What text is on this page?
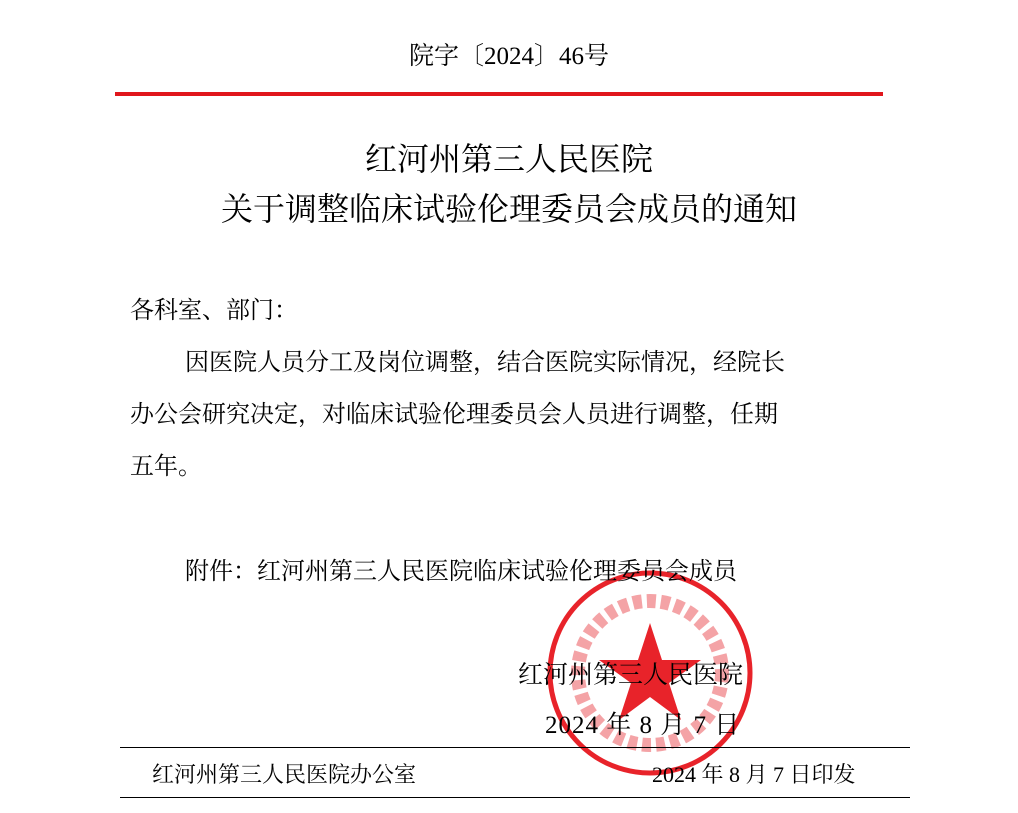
院字〔2024〕46号
红河州第三人民医院
关于调整临床试验伦理委员会成员的通知
各科室、部门：
因医院人员分工及岗位调整，结合医院实际情况，经院长
办公会研究决定，对临床试验伦理委员会人员进行调整，任期
五年。
附件：红河州第三人民医院临床试验伦理委员会成员
红河州第三人民医院
2024 年 8 月 7 日
红河州第三人民医院办公室	2024 年 8 月 7 日印发
